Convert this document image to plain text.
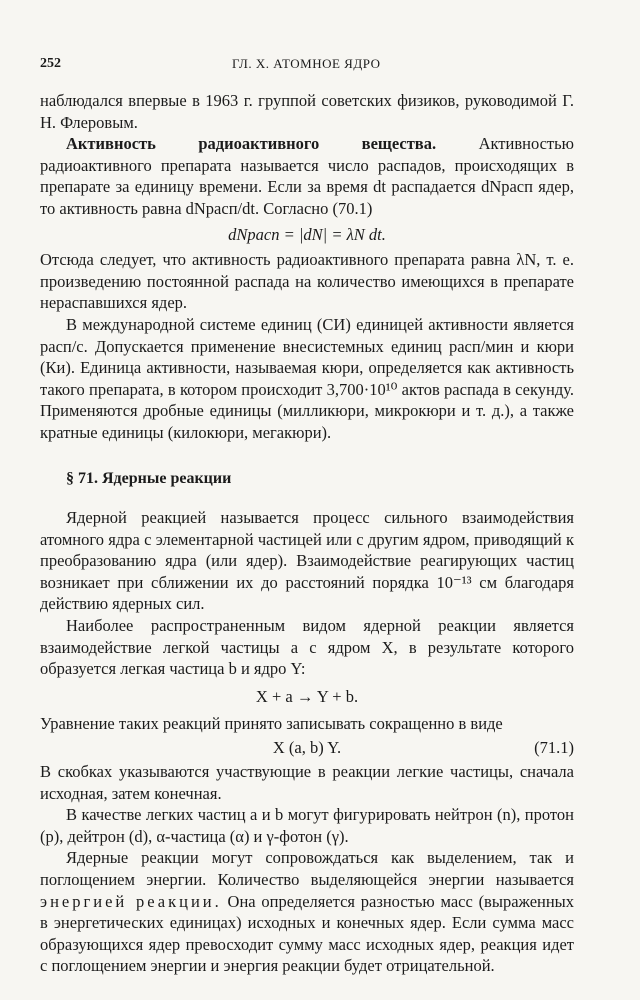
252	ГЛ. X. АТОМНОЕ ЯДРО

наблюдался впервые в 1963 г. группой советских физиков, руководимой Г. Н. Флеровым.

Активность радиоактивного вещества.	Активностью радиоактивного препарата называется число распадов, происходящих в препарате за единицу времени. Если за время dt распадается dNрасп ядер, то активность равна dNрасп/dt. Согласно (70.1)

dNрасп = |dN| = λN dt.

Отсюда следует, что активность радиоактивного препарата равна λN, т. е. произведению постоянной распада на количество имеющихся в препарате нераспавшихся ядер.

В международной системе единиц (СИ) единицей активности является расп/с. Допускается применение внесистемных единиц расп/мин и кюри (Ки). Единица активности, называемая кюри, определяется как активность такого препарата, в котором происходит 3,700·10¹⁰ актов распада в секунду. Применяются дробные единицы (милликюри, микрокюри и т. д.), а также кратные единицы (килокюри, мегакюри).

§ 71. Ядерные реакции

Ядерной реакцией называется процесс сильного взаимодействия атомного ядра с элементарной частицей или с другим ядром, приводящий к преобразованию ядра (или ядер). Взаимодействие реагирующих частиц возникает при сближении их до расстояний порядка 10⁻¹³ см благодаря действию ядерных сил.

Наиболее распространенным видом ядерной реакции является взаимодействие легкой частицы a с ядром X, в результате которого образуется легкая частица b и ядро Y:

X + a → Y + b.

Уравнение таких реакций принято записывать сокращенно в виде

X (a, b) Y.	(71.1)

В скобках указываются участвующие в реакции легкие частицы, сначала исходная, затем конечная.

В качестве легких частиц a и b могут фигурировать нейтрон (n), протон (p), дейтрон (d), α-частица (α) и γ-фотон (γ).

Ядерные реакции могут сопровождаться как выделением, так и поглощением энергии. Количество выделяющейся энергии называется энергией реакции. Она определяется разностью масс (выраженных в энергетических единицах) исходных и конечных ядер. Если сумма масс образующихся ядер превосходит сумму масс исходных ядер, реакция идет с поглощением энергии и энергия реакции будет отрицательной.
